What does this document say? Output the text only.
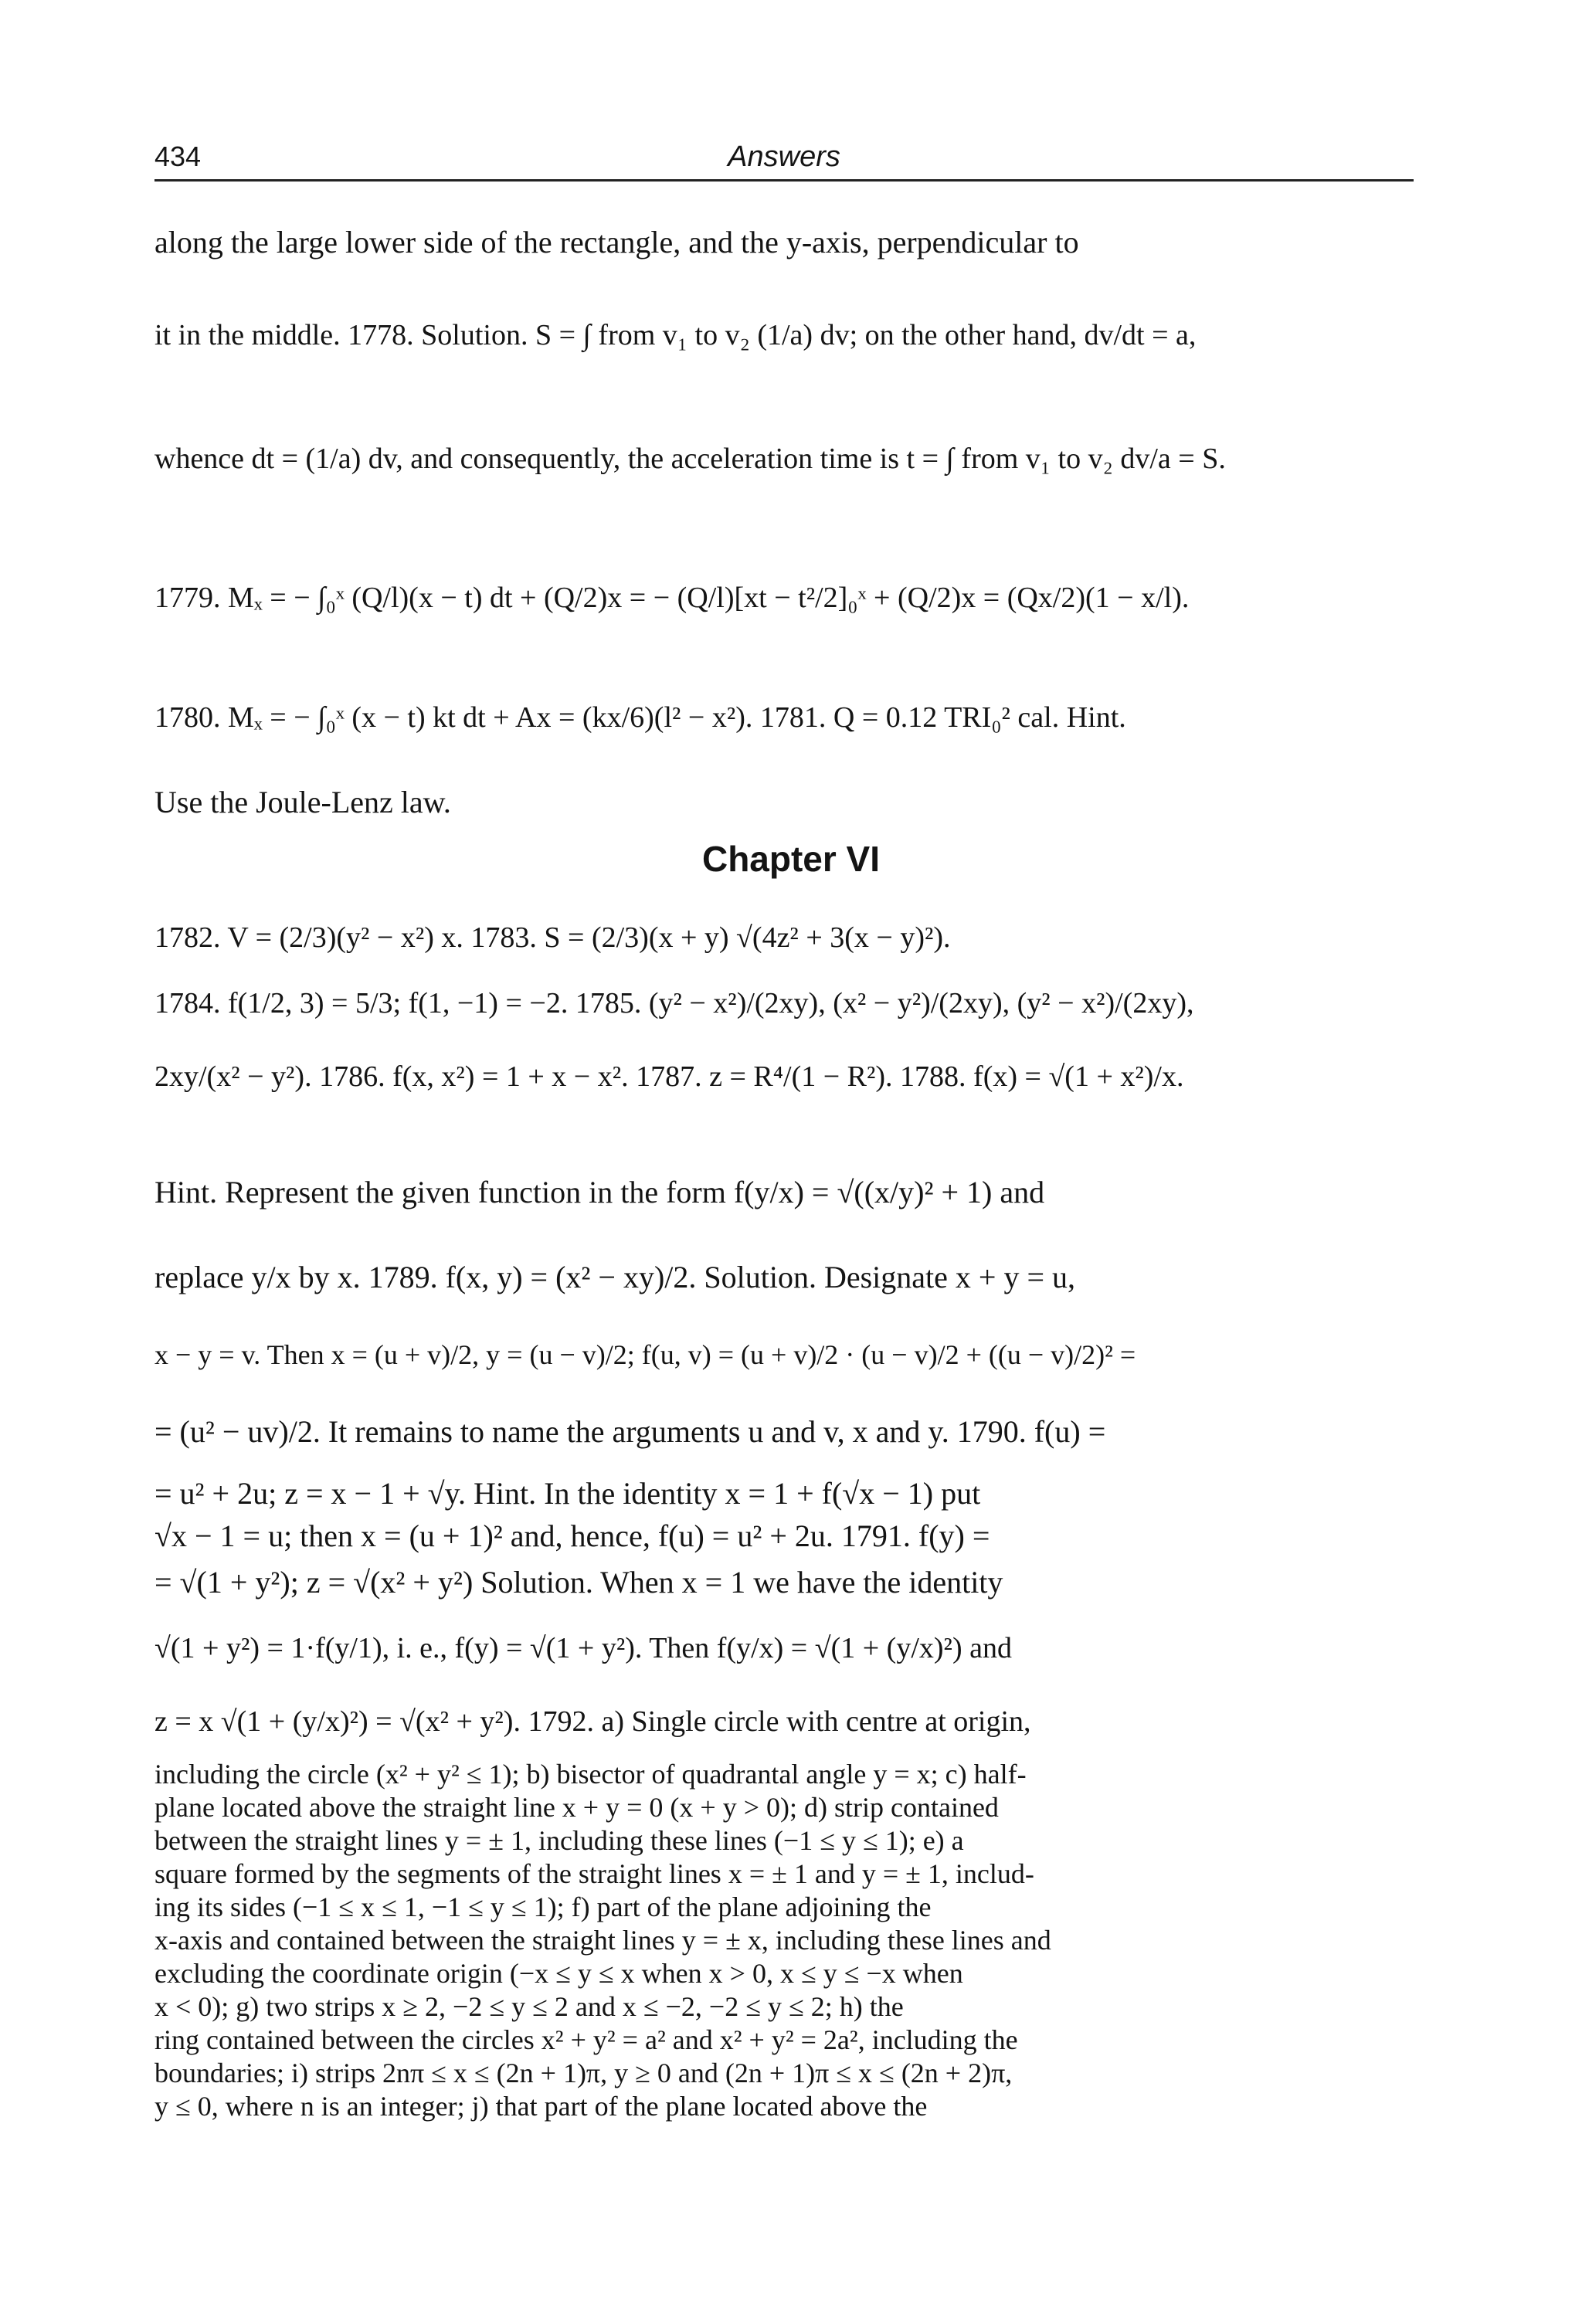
434	Answers
along the large lower side of the rectangle, and the y-axis, perpendicular to
it in the middle. 1778. Solution. S = ∫ from v₁ to v₂ (1/a) dv; on the other hand, dv/dt = a,
whence dt = (1/a) dv, and consequently, the acceleration time is t = ∫ from v₁ to v₂ dv/a = S.
1779. Mₓ = − ∫₀ˣ (Q/l)(x − t) dt + (Q/2)x = − (Q/l)[xt − t²/2]₀ˣ + (Q/2)x = (Qx/2)(1 − x/l).
1780. Mₓ = − ∫₀ˣ (x − t) kt dt + Ax = (kx/6)(l² − x²). 1781. Q = 0.12 TRI₀² cal. Hint.
Use the Joule-Lenz law.
Chapter VI
1782. V = (2/3)(y² − x²) x. 1783. S = (2/3)(x + y) √(4z² + 3(x − y)²).
1784. f(1/2, 3) = 5/3; f(1, −1) = −2. 1785. (y² − x²)/(2xy), (x² − y²)/(2xy), (y² − x²)/(2xy),
2xy/(x² − y²). 1786. f(x, x²) = 1 + x − x². 1787. z = R⁴/(1 − R²). 1788. f(x) = √(1 + x²)/x.
Hint. Represent the given function in the form f(y/x) = √((x/y)² + 1) and
replace y/x by x. 1789. f(x, y) = (x² − xy)/2. Solution. Designate x + y = u,
x − y = v. Then x = (u + v)/2, y = (u − v)/2; f(u, v) = (u + v)/2 · (u − v)/2 + ((u − v)/2)² =
= (u² − uv)/2. It remains to name the arguments u and v, x and y. 1790. f(u) =
= u² + 2u; z = x − 1 + √y. Hint. In the identity x = 1 + f(√x − 1) put
√x − 1 = u; then x = (u + 1)² and, hence, f(u) = u² + 2u. 1791. f(y) =
= √(1 + y²); z = √(x² + y²) Solution. When x = 1 we have the identity
√(1 + y²) = 1·f(y/1), i. e., f(y) = √(1 + y²). Then f(y/x) = √(1 + (y/x)²) and
z = x √(1 + (y/x)²) = √(x² + y²). 1792. a) Single circle with centre at origin,
including the circle (x² + y² ≤ 1); b) bisector of quadrantal angle y = x; c) half-
plane located above the straight line x + y = 0 (x + y > 0); d) strip contained
between the straight lines y = ± 1, including these lines (−1 ≤ y ≤ 1); e) a
square formed by the segments of the straight lines x = ± 1 and y = ± 1, includ-
ing its sides (−1 ≤ x ≤ 1, −1 ≤ y ≤ 1); f) part of the plane adjoining the
x-axis and contained between the straight lines y = ± x, including these lines and
excluding the coordinate origin (−x ≤ y ≤ x when x > 0, x ≤ y ≤ −x when
x < 0); g) two strips x ≥ 2, −2 ≤ y ≤ 2 and x ≤ −2, −2 ≤ y ≤ 2; h) the
ring contained between the circles x² + y² = a² and x² + y² = 2a², including the
boundaries; i) strips 2nπ ≤ x ≤ (2n + 1)π, y ≥ 0 and (2n + 1)π ≤ x ≤ (2n + 2)π,
y ≤ 0, where n is an integer; j) that part of the plane located above the
